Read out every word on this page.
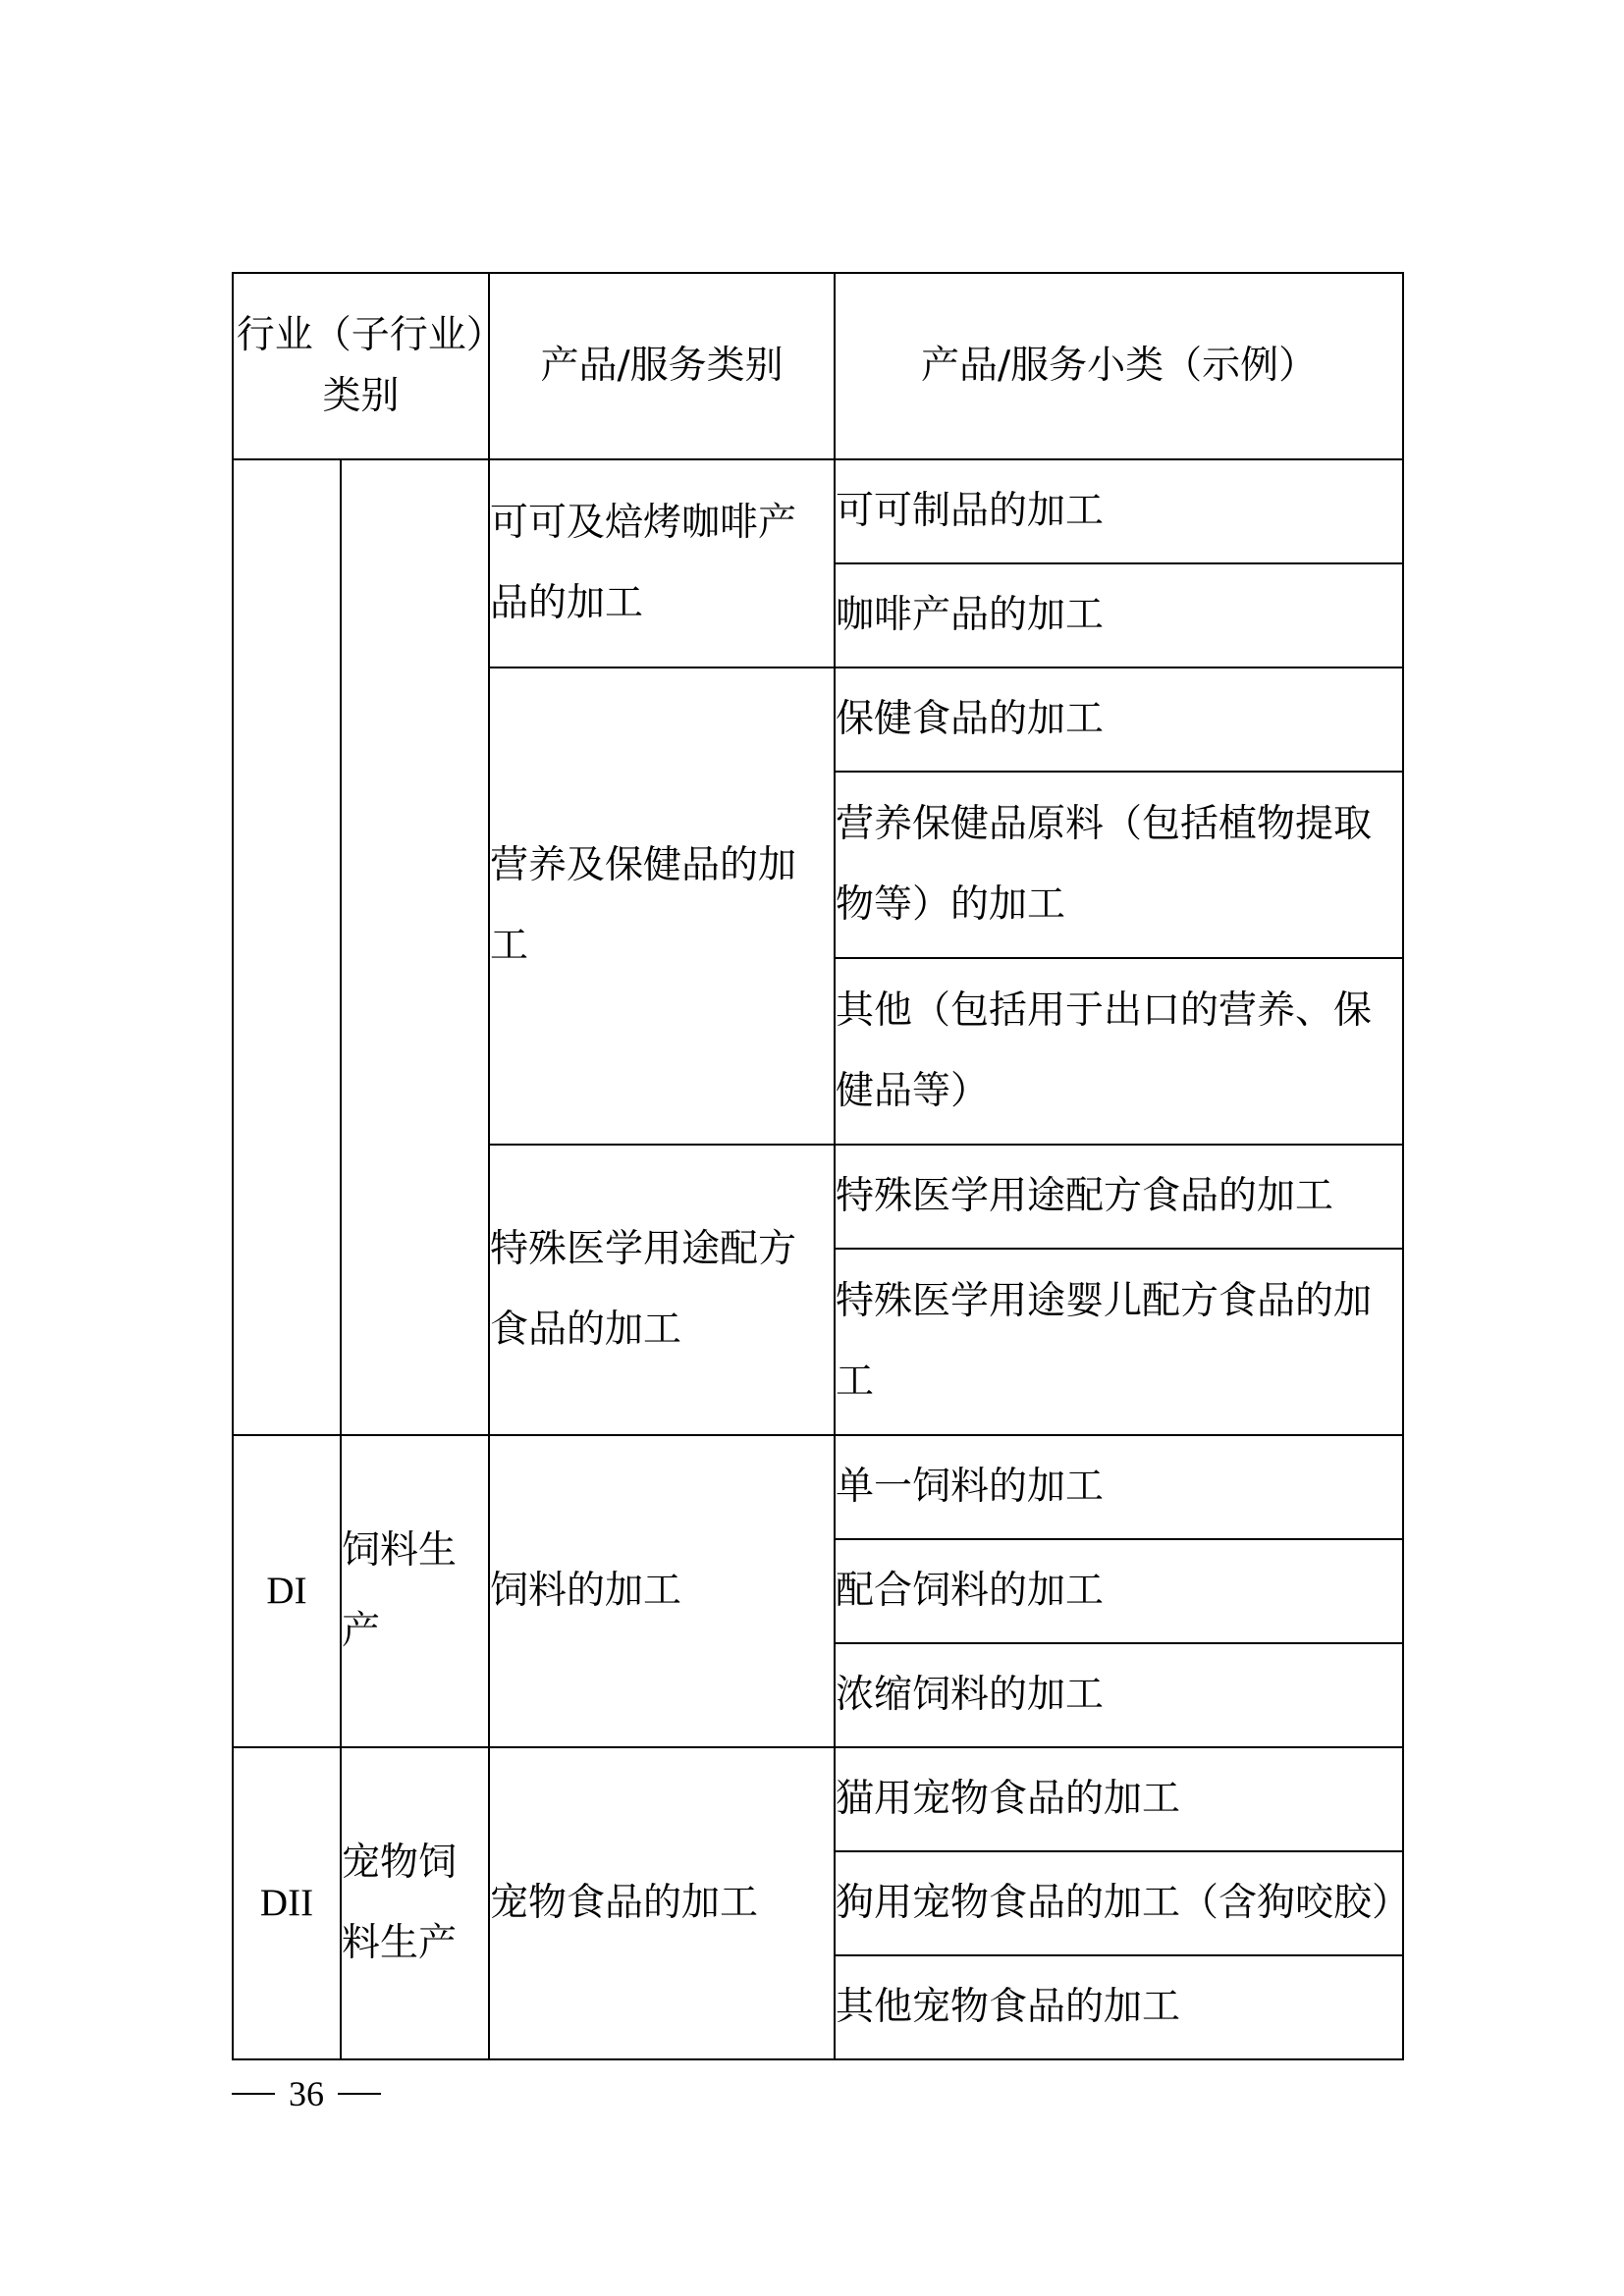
行业（子行业）类别		产品/服务类别	产品/服务小类（示例）
		可可及焙烤咖啡产品的加工	可可制品的加工
			咖啡产品的加工
		营养及保健品的加工	保健食品的加工
			营养保健品原料（包括植物提取物等）的加工
			其他（包括用于出口的营养、保健品等）
		特殊医学用途配方食品的加工	特殊医学用途配方食品的加工
			特殊医学用途婴儿配方食品的加工
DI	饲料生产	饲料的加工	单一饲料的加工
			配合饲料的加工
			浓缩饲料的加工
DII	宠物饲料生产	宠物食品的加工	猫用宠物食品的加工
			狗用宠物食品的加工（含狗咬胶）
			其他宠物食品的加工
36
